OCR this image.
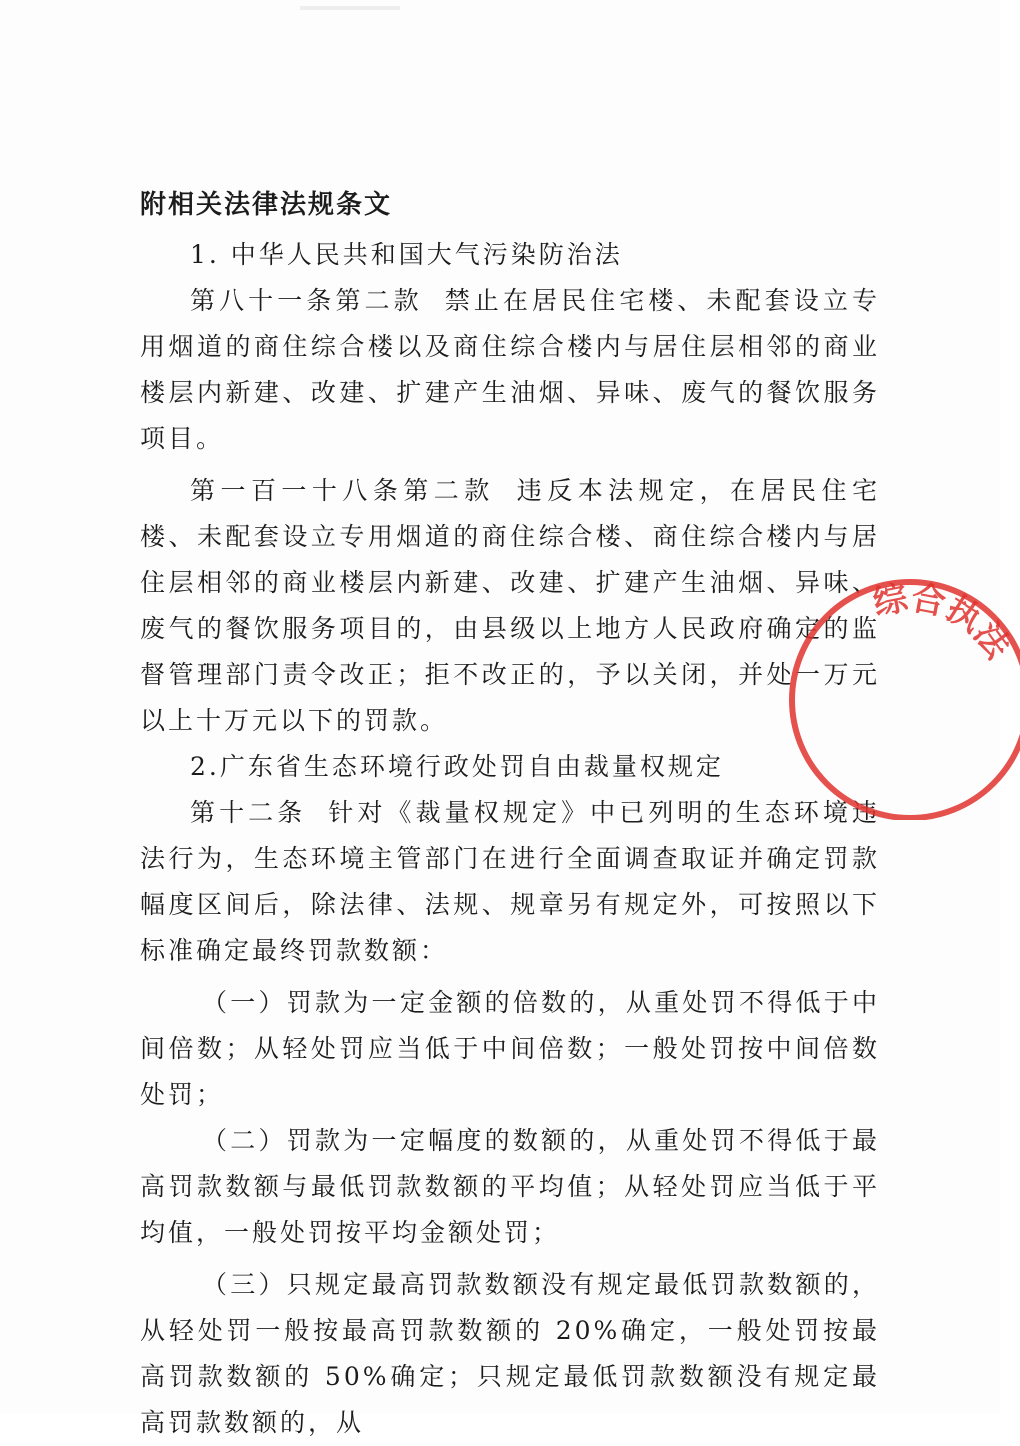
附相关法律法规条文

1. 中华人民共和国大气污染防治法

第八十一条第二款 禁止在居民住宅楼、未配套设立专用烟道的商住综合楼以及商住综合楼内与居住层相邻的商业楼层内新建、改建、扩建产生油烟、异味、废气的餐饮服务项目。

第一百一十八条第二款 违反本法规定，在居民住宅楼、未配套设立专用烟道的商住综合楼、商住综合楼内与居住层相邻的商业楼层内新建、改建、扩建产生油烟、异味、废气的餐饮服务项目的，由县级以上地方人民政府确定的监督管理部门责令改正；拒不改正的，予以关闭，并处一万元以上十万元以下的罚款。

2.广东省生态环境行政处罚自由裁量权规定

第十二条 针对《裁量权规定》中已列明的生态环境违法行为，生态环境主管部门在进行全面调查取证并确定罚款幅度区间后，除法律、法规、规章另有规定外，可按照以下标准确定最终罚款数额：

（一）罚款为一定金额的倍数的，从重处罚不得低于中间倍数；从轻处罚应当低于中间倍数；一般处罚按中间倍数处罚；

（二）罚款为一定幅度的数额的，从重处罚不得低于最高罚款数额与最低罚款数额的平均值；从轻处罚应当低于平均值，一般处罚按平均金额处罚；

（三）只规定最高罚款数额没有规定最低罚款数额的，从轻处罚一般按最高罚款数额的 20%确定，一般处罚按最高罚款数额的 50%确定；只规定最低罚款数额没有规定最高罚款数额的，从

综合执法
